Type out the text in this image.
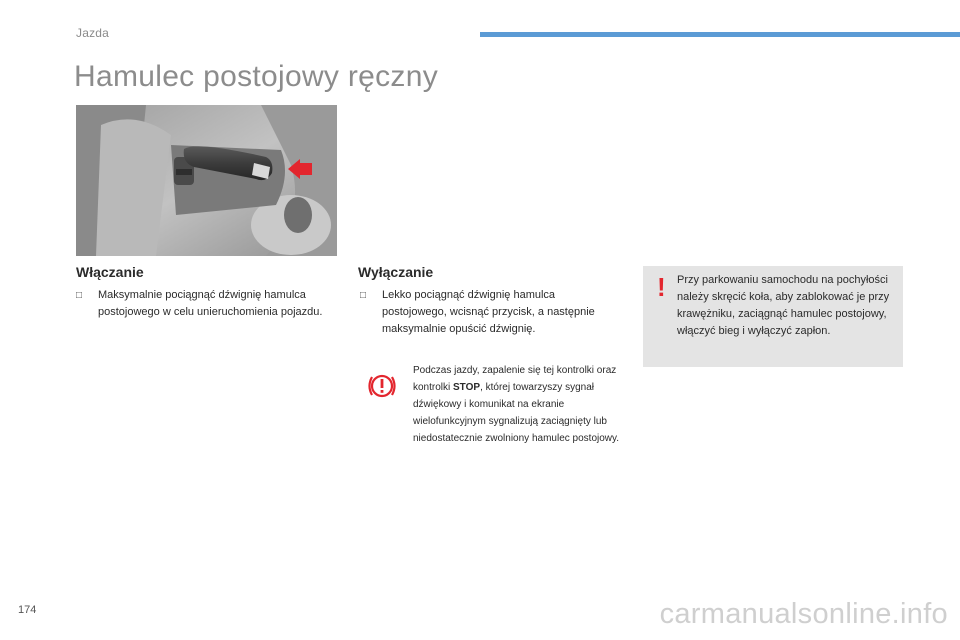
Jazda
Hamulec postojowy ręczny
Włączanie
□	Maksymalnie pociągnąć dźwignię hamulca postojowego w celu unieruchomienia pojazdu.
Wyłączanie
□	Lekko pociągnąć dźwignię hamulca postojowego, wcisnąć przycisk, a następnie maksymalnie opuścić dźwignię.
Podczas jazdy, zapalenie się tej kontrolki oraz kontrolki STOP, której towarzyszy sygnał dźwiękowy i komunikat na ekranie wielofunkcyjnym sygnalizują zaciągnięty lub niedostatecznie zwolniony hamulec postojowy.
! Przy parkowaniu samochodu na pochyłości należy skręcić koła, aby zablokować je przy krawężniku, zaciągnąć hamulec postojowy, włączyć bieg i wyłączyć zapłon.
174	carmanualsonline.info
